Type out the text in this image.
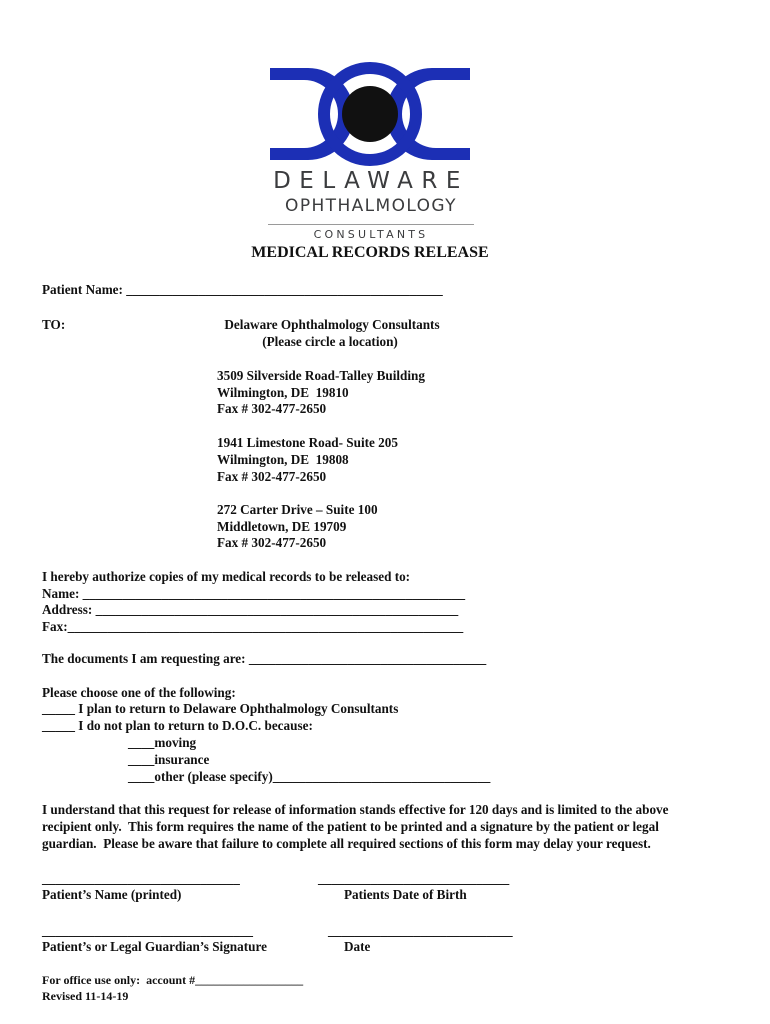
DELAWARE
OPHTHALMOLOGY
CONSULTANTS
MEDICAL RECORDS RELEASE
Patient Name: ________________________________________________
TO:	Delaware Ophthalmology Consultants
(Please circle a location)
3509 Silverside Road-Talley Building
Wilmington, DE  19810
Fax # 302-477-2650
1941 Limestone Road- Suite 205
Wilmington, DE  19808
Fax # 302-477-2650
272 Carter Drive – Suite 100
Middletown, DE 19709
Fax # 302-477-2650
I hereby authorize copies of my medical records to be released to:
Name: __________________________________________________________
Address: _______________________________________________________
Fax:____________________________________________________________
The documents I am requesting are: ____________________________________
Please choose one of the following:
_____ I plan to return to Delaware Ophthalmology Consultants
_____ I do not plan to return to D.O.C. because:
____moving
____insurance
____other (please specify)_________________________________
I understand that this request for release of information stands effective for 120 days and is limited to the above
recipient only.  This form requires the name of the patient to be printed and a signature by the patient or legal
guardian.  Please be aware that failure to complete all required sections of this form may delay your request.
______________________________
Patient’s Name (printed)
_____________________________
Patients Date of Birth
________________________________
Patient’s or Legal Guardian’s Signature
____________________________
Date
For office use only:  account #__________________
Revised 11-14-19
